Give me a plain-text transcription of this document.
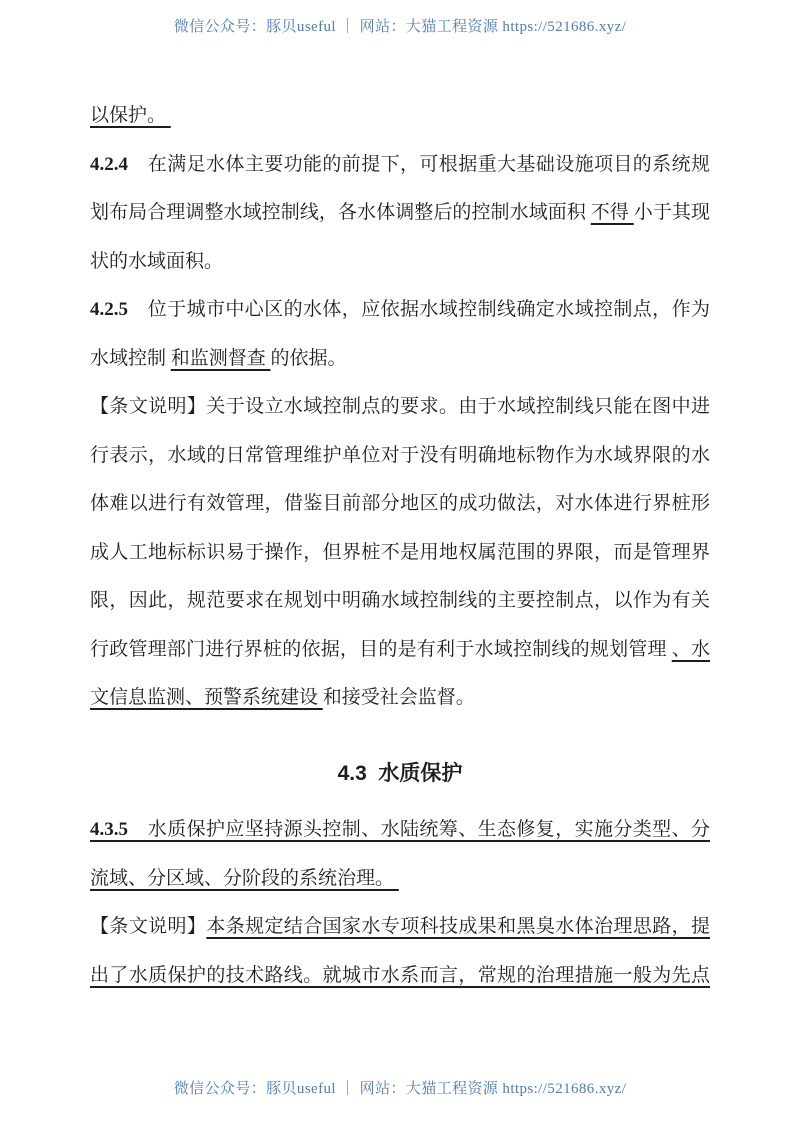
微信公众号：豚贝useful ｜ 网站：大猫工程资源 https://521686.xyz/
以保护。
4.2.4　在满足水体主要功能的前提下，可根据重大基础设施项目的系统规
划布局合理调整水域控制线，各水体调整后的控制水域面积 不得 小于其现
状的水域面积。
4.2.5　位于城市中心区的水体，应依据水域控制线确定水域控制点，作为
水域控制 和监测督查 的依据。
【条文说明】关于设立水域控制点的要求。由于水域控制线只能在图中进
行表示，水域的日常管理维护单位对于没有明确地标物作为水域界限的水
体难以进行有效管理，借鉴目前部分地区的成功做法，对水体进行界桩形
成人工地标标识易于操作，但界桩不是用地权属范围的界限，而是管理界
限，因此，规范要求在规划中明确水域控制线的主要控制点，以作为有关
行政管理部门进行界桩的依据，目的是有利于水域控制线的规划管理 、水
文信息监测、预警系统建设 和接受社会监督。
4.3  水质保护
4.3.5　水质保护应坚持源头控制、水陆统筹、生态修复，实施分类型、分
流域、分区域、分阶段的系统治理。
【条文说明】本条规定结合国家水专项科技成果和黑臭水体治理思路，提
出了水质保护的技术路线。就城市水系而言，常规的治理措施一般为先点
微信公众号：豚贝useful ｜ 网站：大猫工程资源 https://521686.xyz/
